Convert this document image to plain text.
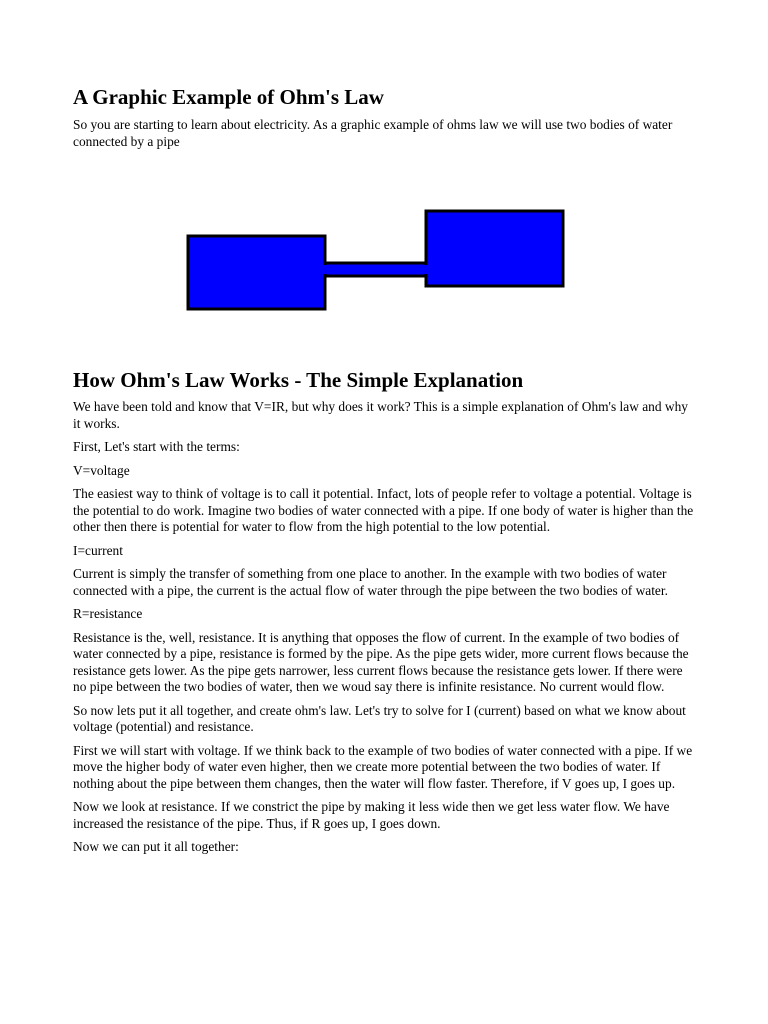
A Graphic Example of Ohm's Law

So you are starting to learn about electricity. As a graphic example of ohms law we will use two bodies of water connected by a pipe

How Ohm's Law Works - The Simple Explanation

We have been told and know that V=IR, but why does it work? This is a simple explanation of Ohm's law and why it works.

First, Let's start with the terms:

V=voltage

The easiest way to think of voltage is to call it potential. Infact, lots of people refer to voltage a potential. Voltage is the potential to do work. Imagine two bodies of water connected with a pipe. If one body of water is higher than the other then there is potential for water to flow from the high potential to the low potential.

I=current

Current is simply the transfer of something from one place to another. In the example with two bodies of water connected with a pipe, the current is the actual flow of water through the pipe between the two bodies of water.

R=resistance

Resistance is the, well, resistance. It is anything that opposes the flow of current. In the example of two bodies of water connected by a pipe, resistance is formed by the pipe. As the pipe gets wider, more current flows because the resistance gets lower. As the pipe gets narrower, less current flows because the resistance gets lower. If there were no pipe between the two bodies of water, then we woud say there is infinite resistance. No current would flow.

So now lets put it all together, and create ohm's law. Let's try to solve for I (current) based on what we know about voltage (potential) and resistance.

First we will start with voltage. If we think back to the example of two bodies of water connected with a pipe. If we move the higher body of water even higher, then we create more potential between the two bodies of water. If nothing about the pipe between them changes, then the water will flow faster. Therefore, if V goes up, I goes up.

Now we look at resistance. If we constrict the pipe by making it less wide then we get less water flow. We have increased the resistance of the pipe. Thus, if R goes up, I goes down.

Now we can put it all together:
